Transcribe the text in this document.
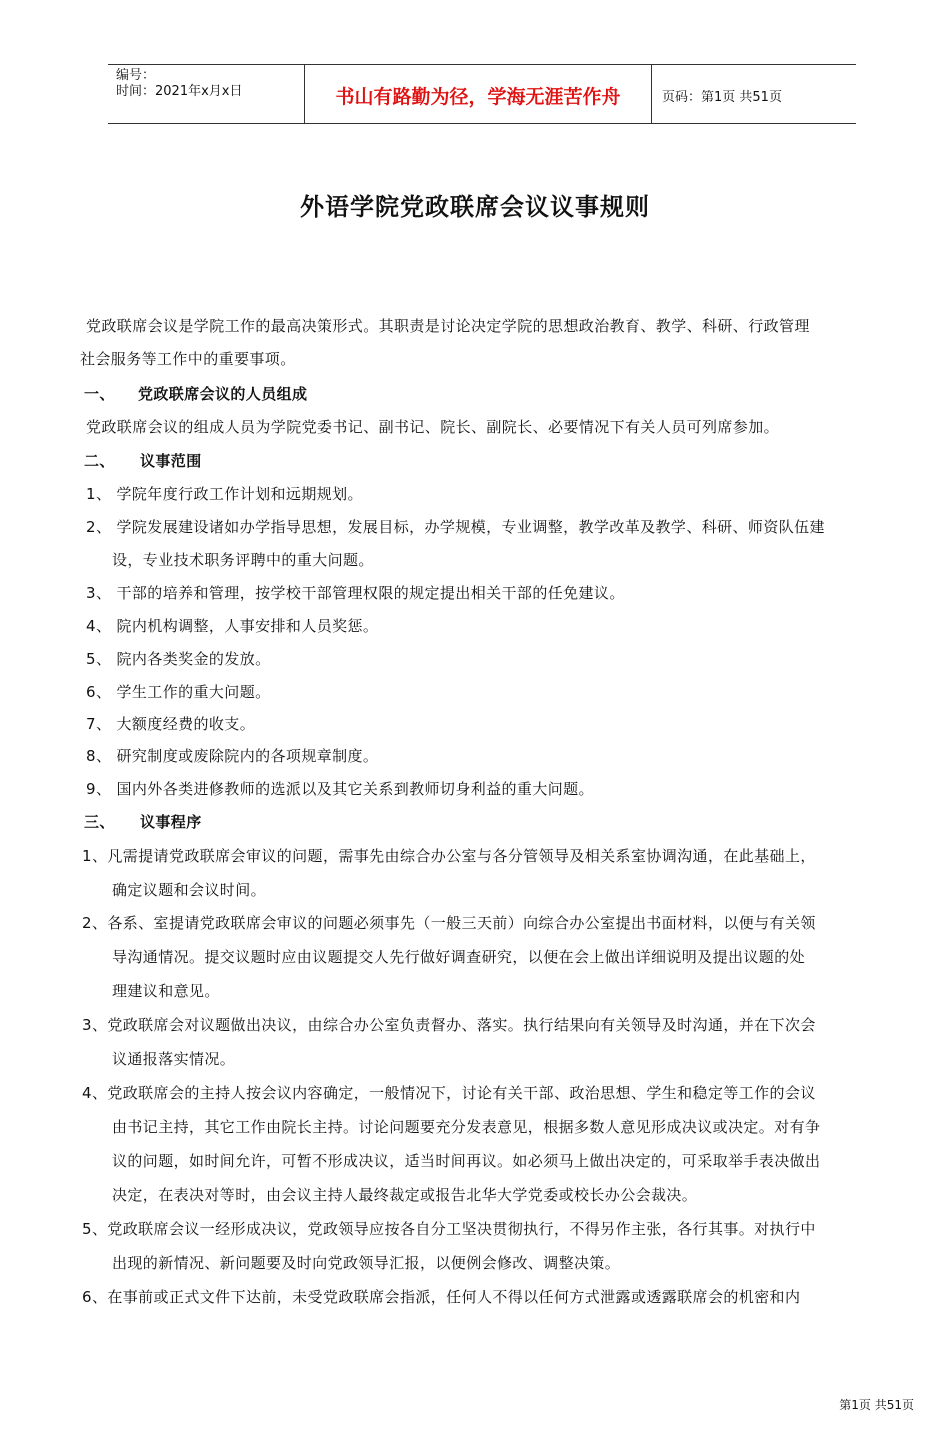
编号：
时间：2021年x月x日	书山有路勤为径，学海无涯苦作舟	页码：第1页 共51页
外语学院党政联席会议议事规则
党政联席会议是学院工作的最高决策形式。其职责是讨论决定学院的思想政治教育、教学、科研、行政管理
社会服务等工作中的重要事项。
一、 党政联席会议的人员组成
党政联席会议的组成人员为学院党委书记、副书记、院长、副院长、必要情况下有关人员可列席参加。
二、 议事范围
1、 学院年度行政工作计划和远期规划。
2、 学院发展建设诸如办学指导思想，发展目标，办学规模，专业调整，教学改革及教学、科研、师资队伍建
设，专业技术职务评聘中的重大问题。
3、 干部的培养和管理，按学校干部管理权限的规定提出相关干部的任免建议。
4、 院内机构调整，人事安排和人员奖惩。
5、 院内各类奖金的发放。
6、 学生工作的重大问题。
7、 大额度经费的收支。
8、 研究制度或废除院内的各项规章制度。
9、 国内外各类进修教师的选派以及其它关系到教师切身利益的重大问题。
三、 议事程序
1、凡需提请党政联席会审议的问题，需事先由综合办公室与各分管领导及相关系室协调沟通，在此基础上，
确定议题和会议时间。
2、各系、室提请党政联席会审议的问题必须事先（一般三天前）向综合办公室提出书面材料，以便与有关领
导沟通情况。提交议题时应由议题提交人先行做好调查研究，以便在会上做出详细说明及提出议题的处
理建议和意见。
3、党政联席会对议题做出决议，由综合办公室负责督办、落实。执行结果向有关领导及时沟通，并在下次会
议通报落实情况。
4、党政联席会的主持人按会议内容确定，一般情况下，讨论有关干部、政治思想、学生和稳定等工作的会议
由书记主持，其它工作由院长主持。讨论问题要充分发表意见，根据多数人意见形成决议或决定。对有争
议的问题，如时间允许，可暂不形成决议，适当时间再议。如必须马上做出决定的，可采取举手表决做出
决定，在表决对等时，由会议主持人最终裁定或报告北华大学党委或校长办公会裁决。
5、党政联席会议一经形成决议，党政领导应按各自分工坚决贯彻执行，不得另作主张，各行其事。对执行中
出现的新情况、新问题要及时向党政领导汇报，以便例会修改、调整决策。
6、在事前或正式文件下达前，未受党政联席会指派，任何人不得以任何方式泄露或透露联席会的机密和内
第1页 共51页
